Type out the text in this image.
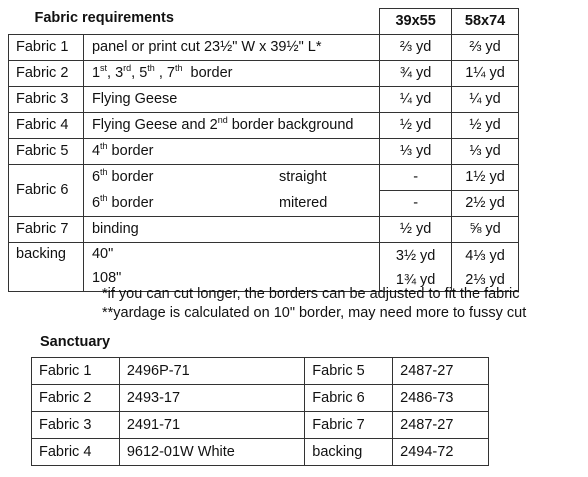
Fabric requirements		39x55	58x74
Fabric 1	panel or print cut 23½" W x 39½" L*	⅔ yd	⅔ yd
Fabric 2	1st, 3rd, 5th , 7th  border	¾ yd	1¼ yd
Fabric 3	Flying Geese	¼ yd	¼ yd
Fabric 4	Flying Geese and 2nd border background	½ yd	½ yd
Fabric 5	4th border	⅓ yd	⅓ yd
Fabric 6	6th border straight	-	1½ yd
	6th border mitered	-	2½ yd
Fabric 7	binding	½ yd	⅝ yd
backing	40"	3½ yd	4⅓ yd
	108"	1¾ yd	2⅓ yd
*if you can cut longer, the borders can be adjusted to fit the fabric
**yardage is calculated on 10" border, may need more to fussy cut
Sanctuary
Fabric 1	2496P-71	Fabric 5	2487-27
Fabric 2	2493-17	Fabric 6	2486-73
Fabric 3	2491-71	Fabric 7	2487-27
Fabric 4	9612-01W White	backing	2494-72
